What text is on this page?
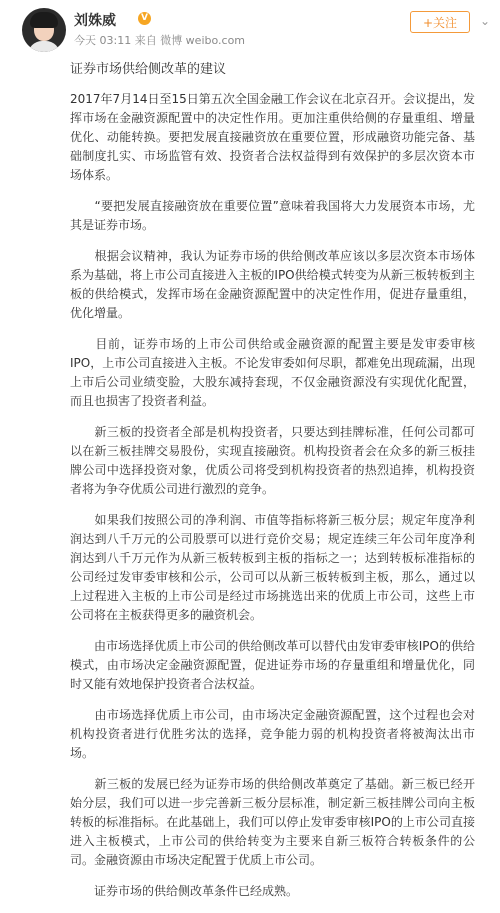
刘姝威	V
今天 03:11 来自 微博 weibo.com
+关注	⌄
证券市场供给侧改革的建议

2017年7月14日至15日第五次全国金融工作会议在北京召开。会议提出，发挥市场在金融资源配置中的决定性作用。更加注重供给侧的存量重组、增量优化、动能转换。要把发展直接融资放在重要位置，形成融资功能完备、基础制度扎实、市场监管有效、投资者合法权益得到有效保护的多层次资本市场体系。

　　“要把发展直接融资放在重要位置”意味着我国将大力发展资本市场，尤其是证券市场。

　　根据会议精神，我认为证券市场的供给侧改革应该以多层次资本市场体系为基础，将上市公司直接进入主板的IPO供给模式转变为从新三板转板到主板的供给模式，发挥市场在金融资源配置中的决定性作用，促进存量重组，优化增量。

　　目前，证券市场的上市公司供给或金融资源的配置主要是发审委审核IPO，上市公司直接进入主板。不论发审委如何尽职，都难免出现疏漏，出现上市后公司业绩变脸，大股东减持套现，不仅金融资源没有实现优化配置，而且也损害了投资者利益。

　　新三板的投资者全部是机构投资者，只要达到挂牌标准，任何公司都可以在新三板挂牌交易股份，实现直接融资。机构投资者会在众多的新三板挂牌公司中选择投资对象，优质公司将受到机构投资者的热烈追捧，机构投资者将为争夺优质公司进行激烈的竞争。

　　如果我们按照公司的净利润、市值等指标将新三板分层；规定年度净利润达到八千万元的公司股票可以进行竞价交易；规定连续三年公司年度净利润达到八千万元作为从新三板转板到主板的指标之一；达到转板标准指标的公司经过发审委审核和公示，公司可以从新三板转板到主板，那么，通过以上过程进入主板的上市公司是经过市场挑选出来的优质上市公司，这些上市公司将在主板获得更多的融资机会。

　　由市场选择优质上市公司的供给侧改革可以替代由发审委审核IPO的供给模式，由市场决定金融资源配置，促进证券市场的存量重组和增量优化，同时又能有效地保护投资者合法权益。

　　由市场选择优质上市公司，由市场决定金融资源配置，这个过程也会对机构投资者进行优胜劣汰的选择，竞争能力弱的机构投资者将被淘汰出市场。

　　新三板的发展已经为证券市场的供给侧改革奠定了基础。新三板已经开始分层，我们可以进一步完善新三板分层标准，制定新三板挂牌公司向主板转板的标准指标。在此基础上，我们可以停止发审委审核IPO的上市公司直接进入主板模式，上市公司的供给转变为主要来自新三板符合转板条件的公司。金融资源由市场决定配置于优质上市公司。

　　证券市场的供给侧改革条件已经成熟。
